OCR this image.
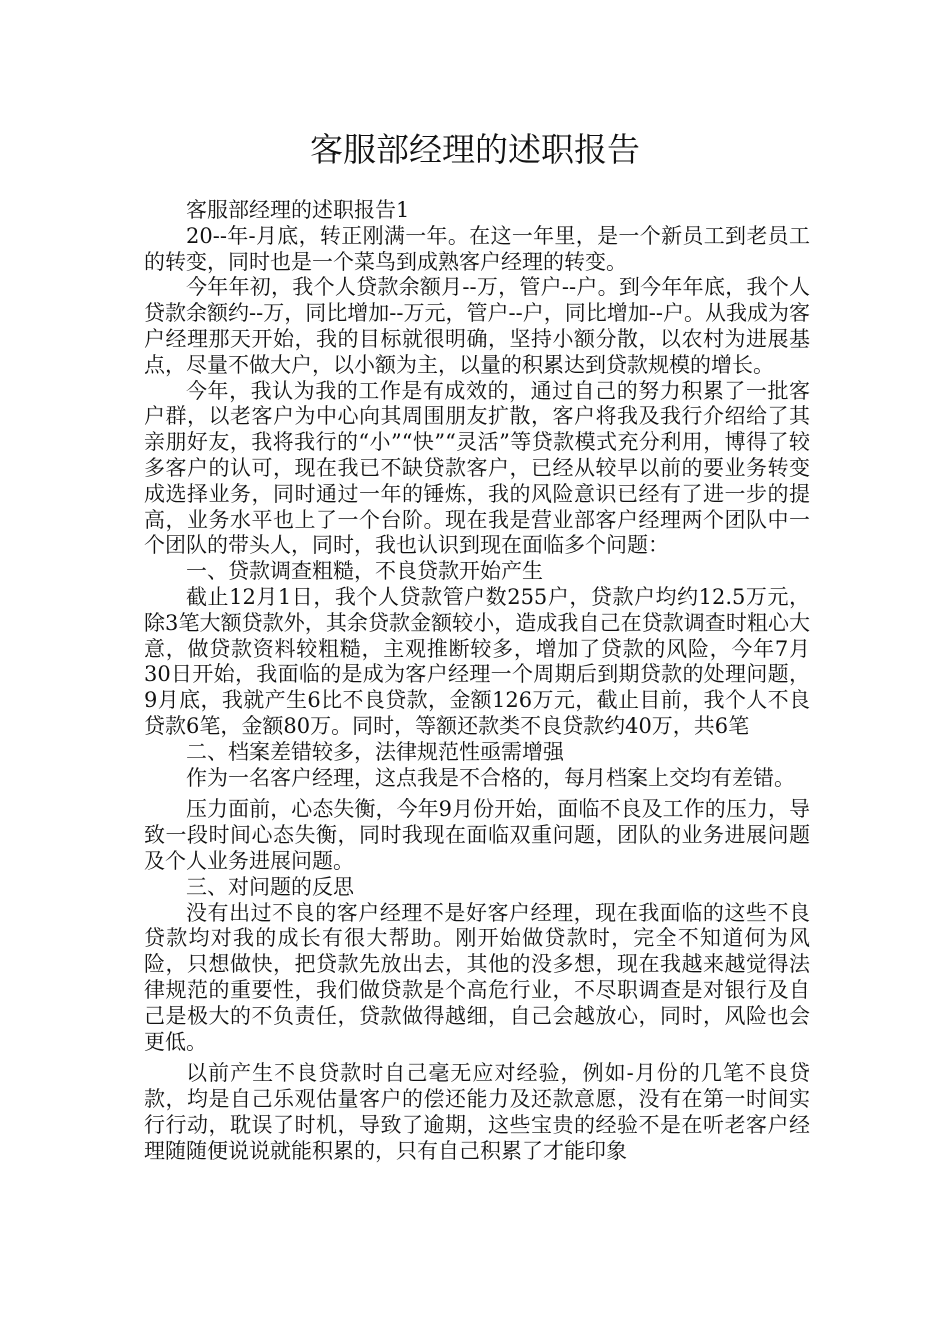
客服部经理的述职报告

客服部经理的述职报告1

20--年-月底，转正刚满一年。在这一年里，是一个新员工到老员工的转变，同时也是一个菜鸟到成熟客户经理的转变。

今年年初，我个人贷款余额月--万，管户--户。到今年年底，我个人贷款余额约--万，同比增加--万元，管户--户，同比增加--户。从我成为客户经理那天开始，我的目标就很明确，坚持小额分散，以农村为进展基点，尽量不做大户，以小额为主，以量的积累达到贷款规模的增长。

今年，我认为我的工作是有成效的，通过自己的努力积累了一批客户群，以老客户为中心向其周围朋友扩散，客户将我及我行介绍给了其亲朋好友，我将我行的“小”“快”“灵活”等贷款模式充分利用，博得了较多客户的认可，现在我已不缺贷款客户，已经从较早以前的要业务转变成选择业务，同时通过一年的锤炼，我的风险意识已经有了进一步的提高，业务水平也上了一个台阶。现在我是营业部客户经理两个团队中一个团队的带头人，同时，我也认识到现在面临多个问题：

一、贷款调查粗糙，不良贷款开始产生

截止12月1日，我个人贷款管户数255户，贷款户均约12.5万元，除3笔大额贷款外，其余贷款金额较小，造成我自己在贷款调查时粗心大意，做贷款资料较粗糙，主观推断较多，增加了贷款的风险，今年7月30日开始，我面临的是成为客户经理一个周期后到期贷款的处理问题，9月底，我就产生6比不良贷款，金额126万元，截止目前，我个人不良贷款6笔，金额80万。同时，等额还款类不良贷款约40万，共6笔

二、档案差错较多，法律规范性亟需增强

作为一名客户经理，这点我是不合格的，每月档案上交均有差错。

压力面前，心态失衡，今年9月份开始，面临不良及工作的压力，导致一段时间心态失衡，同时我现在面临双重问题，团队的业务进展问题及个人业务进展问题。

三、对问题的反思

没有出过不良的客户经理不是好客户经理，现在我面临的这些不良贷款均对我的成长有很大帮助。刚开始做贷款时，完全不知道何为风险，只想做快，把贷款先放出去，其他的没多想，现在我越来越觉得法律规范的重要性，我们做贷款是个高危行业，不尽职调查是对银行及自己是极大的不负责任，贷款做得越细，自己会越放心，同时，风险也会更低。

以前产生不良贷款时自己毫无应对经验，例如-月份的几笔不良贷款，均是自己乐观估量客户的偿还能力及还款意愿，没有在第一时间实行行动，耽误了时机，导致了逾期，这些宝贵的经验不是在听老客户经理随随便说说就能积累的，只有自己积累了才能印象
